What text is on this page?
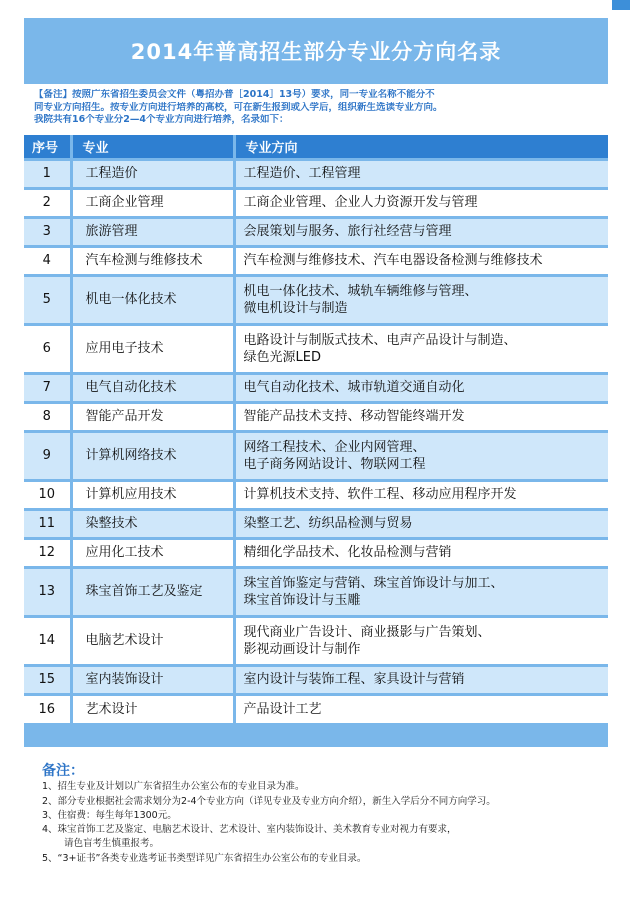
2014年普高招生部分专业分方向名录
【备注】按照广东省招生委员会文件（粤招办普［2014］13号）要求，同一专业名称不能分不
同专业方向招生。按专业方向进行培养的高校，可在新生报到或入学后，组织新生选读专业方向。
我院共有16个专业分2—4个专业方向进行培养，名录如下：
序号	专业	专业方向
1	工程造价	工程造价、工程管理

2	工商企业管理	工商企业管理、企业人力资源开发与管理

3	旅游管理	会展策划与服务、旅行社经营与管理

4	汽车检测与维修技术	汽车检测与维修技术、汽车电器设备检测与维修技术

5	机电一体化技术	机电一体化技术、城轨车辆维修与管理、
微电机设计与制造

6	应用电子技术	电路设计与制版式技术、电声产品设计与制造、
绿色光源LED

7	电气自动化技术	电气自动化技术、城市轨道交通自动化

8	智能产品开发	智能产品技术支持、移动智能终端开发

9	计算机网络技术	网络工程技术、企业内网管理、
电子商务网站设计、物联网工程

10	计算机应用技术	计算机技术支持、软件工程、移动应用程序开发

11	染整技术	染整工艺、纺织品检测与贸易

12	应用化工技术	精细化学品技术、化妆品检测与营销

13	珠宝首饰工艺及鉴定	珠宝首饰鉴定与营销、珠宝首饰设计与加工、
珠宝首饰设计与玉雕

14	电脑艺术设计	现代商业广告设计、商业摄影与广告策划、
影视动画设计与制作

15	室内装饰设计	室内设计与装饰工程、家具设计与营销

16	艺术设计	产品设计工艺
备注：
1、招生专业及计划以广东省招生办公室公布的专业目录为准。
2、部分专业根据社会需求划分为2-4个专业方向（详见专业及专业方向介绍），新生入学后分不同方向学习。
3、住宿费：每生每年1300元。
4、珠宝首饰工艺及鉴定、电脑艺术设计、艺术设计、室内装饰设计、美术教育专业对视力有要求，
请色盲考生慎重报考。
5、“3+证书”各类专业选考证书类型详见广东省招生办公室公布的专业目录。
